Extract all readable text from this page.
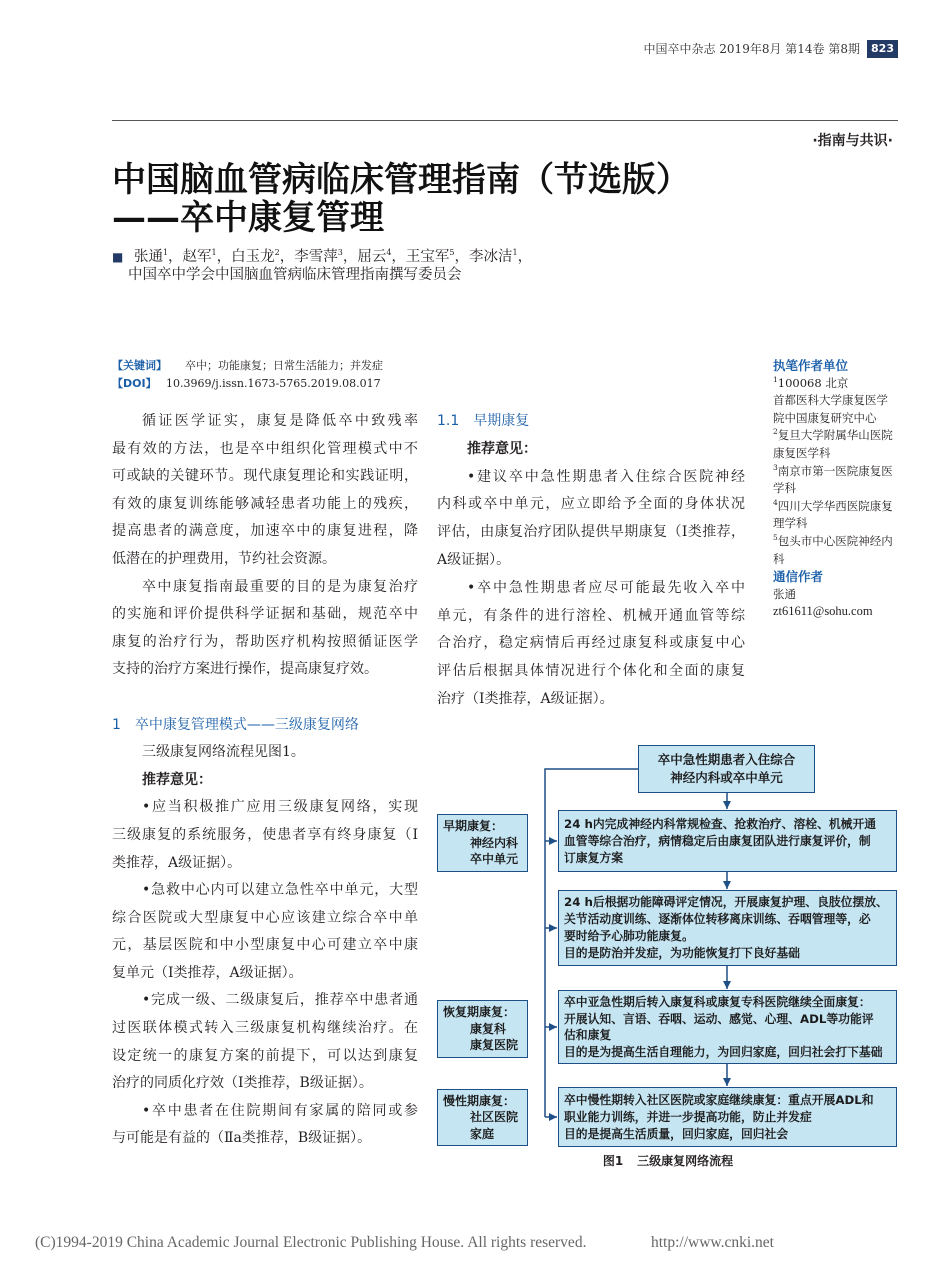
中国卒中杂志 2019年8月 第14卷 第8期	823
·指南与共识·
中国脑血管病临床管理指南（节选版）
——卒中康复管理
■ 张通$^1$，赵军$^1$，白玉龙$^2$，李雪萍$^3$，屈云$^4$，王宝军$^5$，李冰洁$^1$，
中国卒中学会中国脑血管病临床管理指南撰写委员会
【关键词】 卒中；功能康复；日常生活能力；并发症
【DOI】 10.3969/j.issn.1673-5765.2019.08.017
执笔作者单位
$^1$100068 北京
首都医科大学康复医学
院中国康复研究中心
$^2$复旦大学附属华山医院
康复医学科
$^3$南京市第一医院康复医
学科
$^4$四川大学华西医院康复
理学科
$^5$包头市中心医院神经内
科
通信作者
张通
zt61611@sohu.com
循证医学证实，康复是降低卒中致残率
最有效的方法，也是卒中组织化管理模式中不
可或缺的关键环节。现代康复理论和实践证明，
有效的康复训练能够减轻患者功能上的残疾，
提高患者的满意度，加速卒中的康复进程，降
低潜在的护理费用，节约社会资源。
卒中康复指南最重要的目的是为康复治疗
的实施和评价提供科学证据和基础，规范卒中
康复的治疗行为，帮助医疗机构按照循证医学
支持的治疗方案进行操作，提高康复疗效。
1 卒中康复管理模式——三级康复网络
三级康复网络流程见图1。
推荐意见：
•应当积极推广应用三级康复网络，实现
三级康复的系统服务，使患者享有终身康复（I
类推荐，A级证据）。
•急救中心内可以建立急性卒中单元，大型
综合医院或大型康复中心应该建立综合卒中单
元，基层医院和中小型康复中心可建立卒中康
复单元（I类推荐，A级证据）。
•完成一级、二级康复后，推荐卒中患者通
过医联体模式转入三级康复机构继续治疗。在
设定统一的康复方案的前提下，可以达到康复
治疗的同质化疗效（I类推荐，B级证据）。
•卒中患者在住院期间有家属的陪同或参
与可能是有益的（Ⅱa类推荐，B级证据）。
1.1 早期康复
推荐意见：
•建议卒中急性期患者入住综合医院神经
内科或卒中单元，应立即给予全面的身体状况
评估，由康复治疗团队提供早期康复（I类推荐，
A级证据）。
•卒中急性期患者应尽可能最先收入卒中
单元，有条件的进行溶栓、机械开通血管等综
合治疗，稳定病情后再经过康复科或康复中心
评估后根据具体情况进行个体化和全面的康复
治疗（I类推荐，A级证据）。
卒中急性期患者入住综合
神经内科或卒中单元
早期康复：
神经内科
卒中单元
恢复期康复：
康复科
康复医院
慢性期康复：
社区医院
家庭
24 h内完成神经内科常规检查、抢救治疗、溶栓、机械开通
血管等综合治疗，病情稳定后由康复团队进行康复评价，制
订康复方案
24 h后根据功能障碍评定情况，开展康复护理、良肢位摆放、
关节活动度训练、逐渐体位转移离床训练、吞咽管理等，必
要时给予心肺功能康复。
目的是防治并发症，为功能恢复打下良好基础
卒中亚急性期后转入康复科或康复专科医院继续全面康复：
开展认知、言语、吞咽、运动、感觉、心理、ADL等功能评
估和康复
目的是为提高生活自理能力，为回归家庭，回归社会打下基础
卒中慢性期转入社区医院或家庭继续康复：重点开展ADL和
职业能力训练，并进一步提高功能，防止并发症
目的是提高生活质量，回归家庭，回归社会
图1 三级康复网络流程
(C)1994-2019 China Academic Journal Electronic Publishing House. All rights reserved.	http://www.cnki.net
